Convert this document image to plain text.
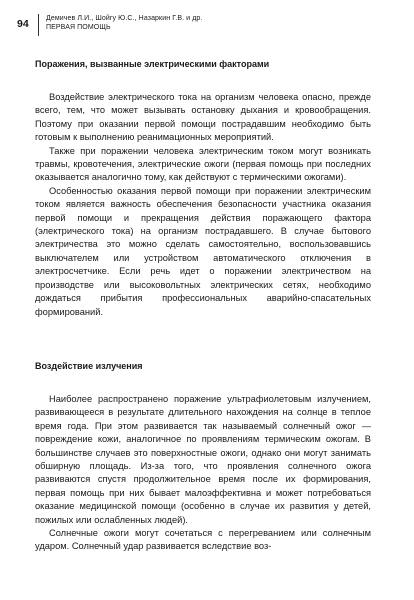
94 Демичев Л.И., Шойгу Ю.С., Назаркин Г.В. и др.
ПЕРВАЯ ПОМОЩЬ
Поражения, вызванные электрическими факторами

Воздействие электрического тока на организм человека опасно, прежде всего, тем, что может вызывать остановку дыхания и кровообращения. Поэтому при оказании первой помощи пострадавшим необходимо быть готовым к выполнению реанимационных мероприятий.

Также при поражении человека электрическим током могут возникать травмы, кровотечения, электрические ожоги (первая помощь при последних оказывается аналогично тому, как действуют с термическими ожогами).

Особенностью оказания первой помощи при поражении электрическим током является важность обеспечения безопасности участника оказания первой помощи и прекращения действия поражающего фактора (электрического тока) на организм пострадавшего. В случае бытового электричества это можно сделать самостоятельно, воспользовавшись выключателем или устройством автоматического отключения в электросчетчике. Если речь идет о поражении электричеством на производстве или высоковольтных электрических сетях, необходимо дождаться прибытия профессиональных аварийно-спасательных формирований.

Воздействие излучения

Наиболее распространено поражение ультрафиолетовым излучением, развивающееся в результате длительного нахождения на солнце в теплое время года. При этом развивается так называемый солнечный ожог — повреждение кожи, аналогичное по проявлениям термическим ожогам. В большинстве случаев это поверхностные ожоги, однако они могут занимать обширную площадь. Из-за того, что проявления солнечного ожога развиваются спустя продолжительное время после их формирования, первая помощь при них бывает малоэффективна и может потребоваться оказание медицинской помощи (особенно в случае их развития у детей, пожилых или ослабленных людей).

Солнечные ожоги могут сочетаться с перегреванием или солнечным ударом. Солнечный удар развивается вследствие воз-
